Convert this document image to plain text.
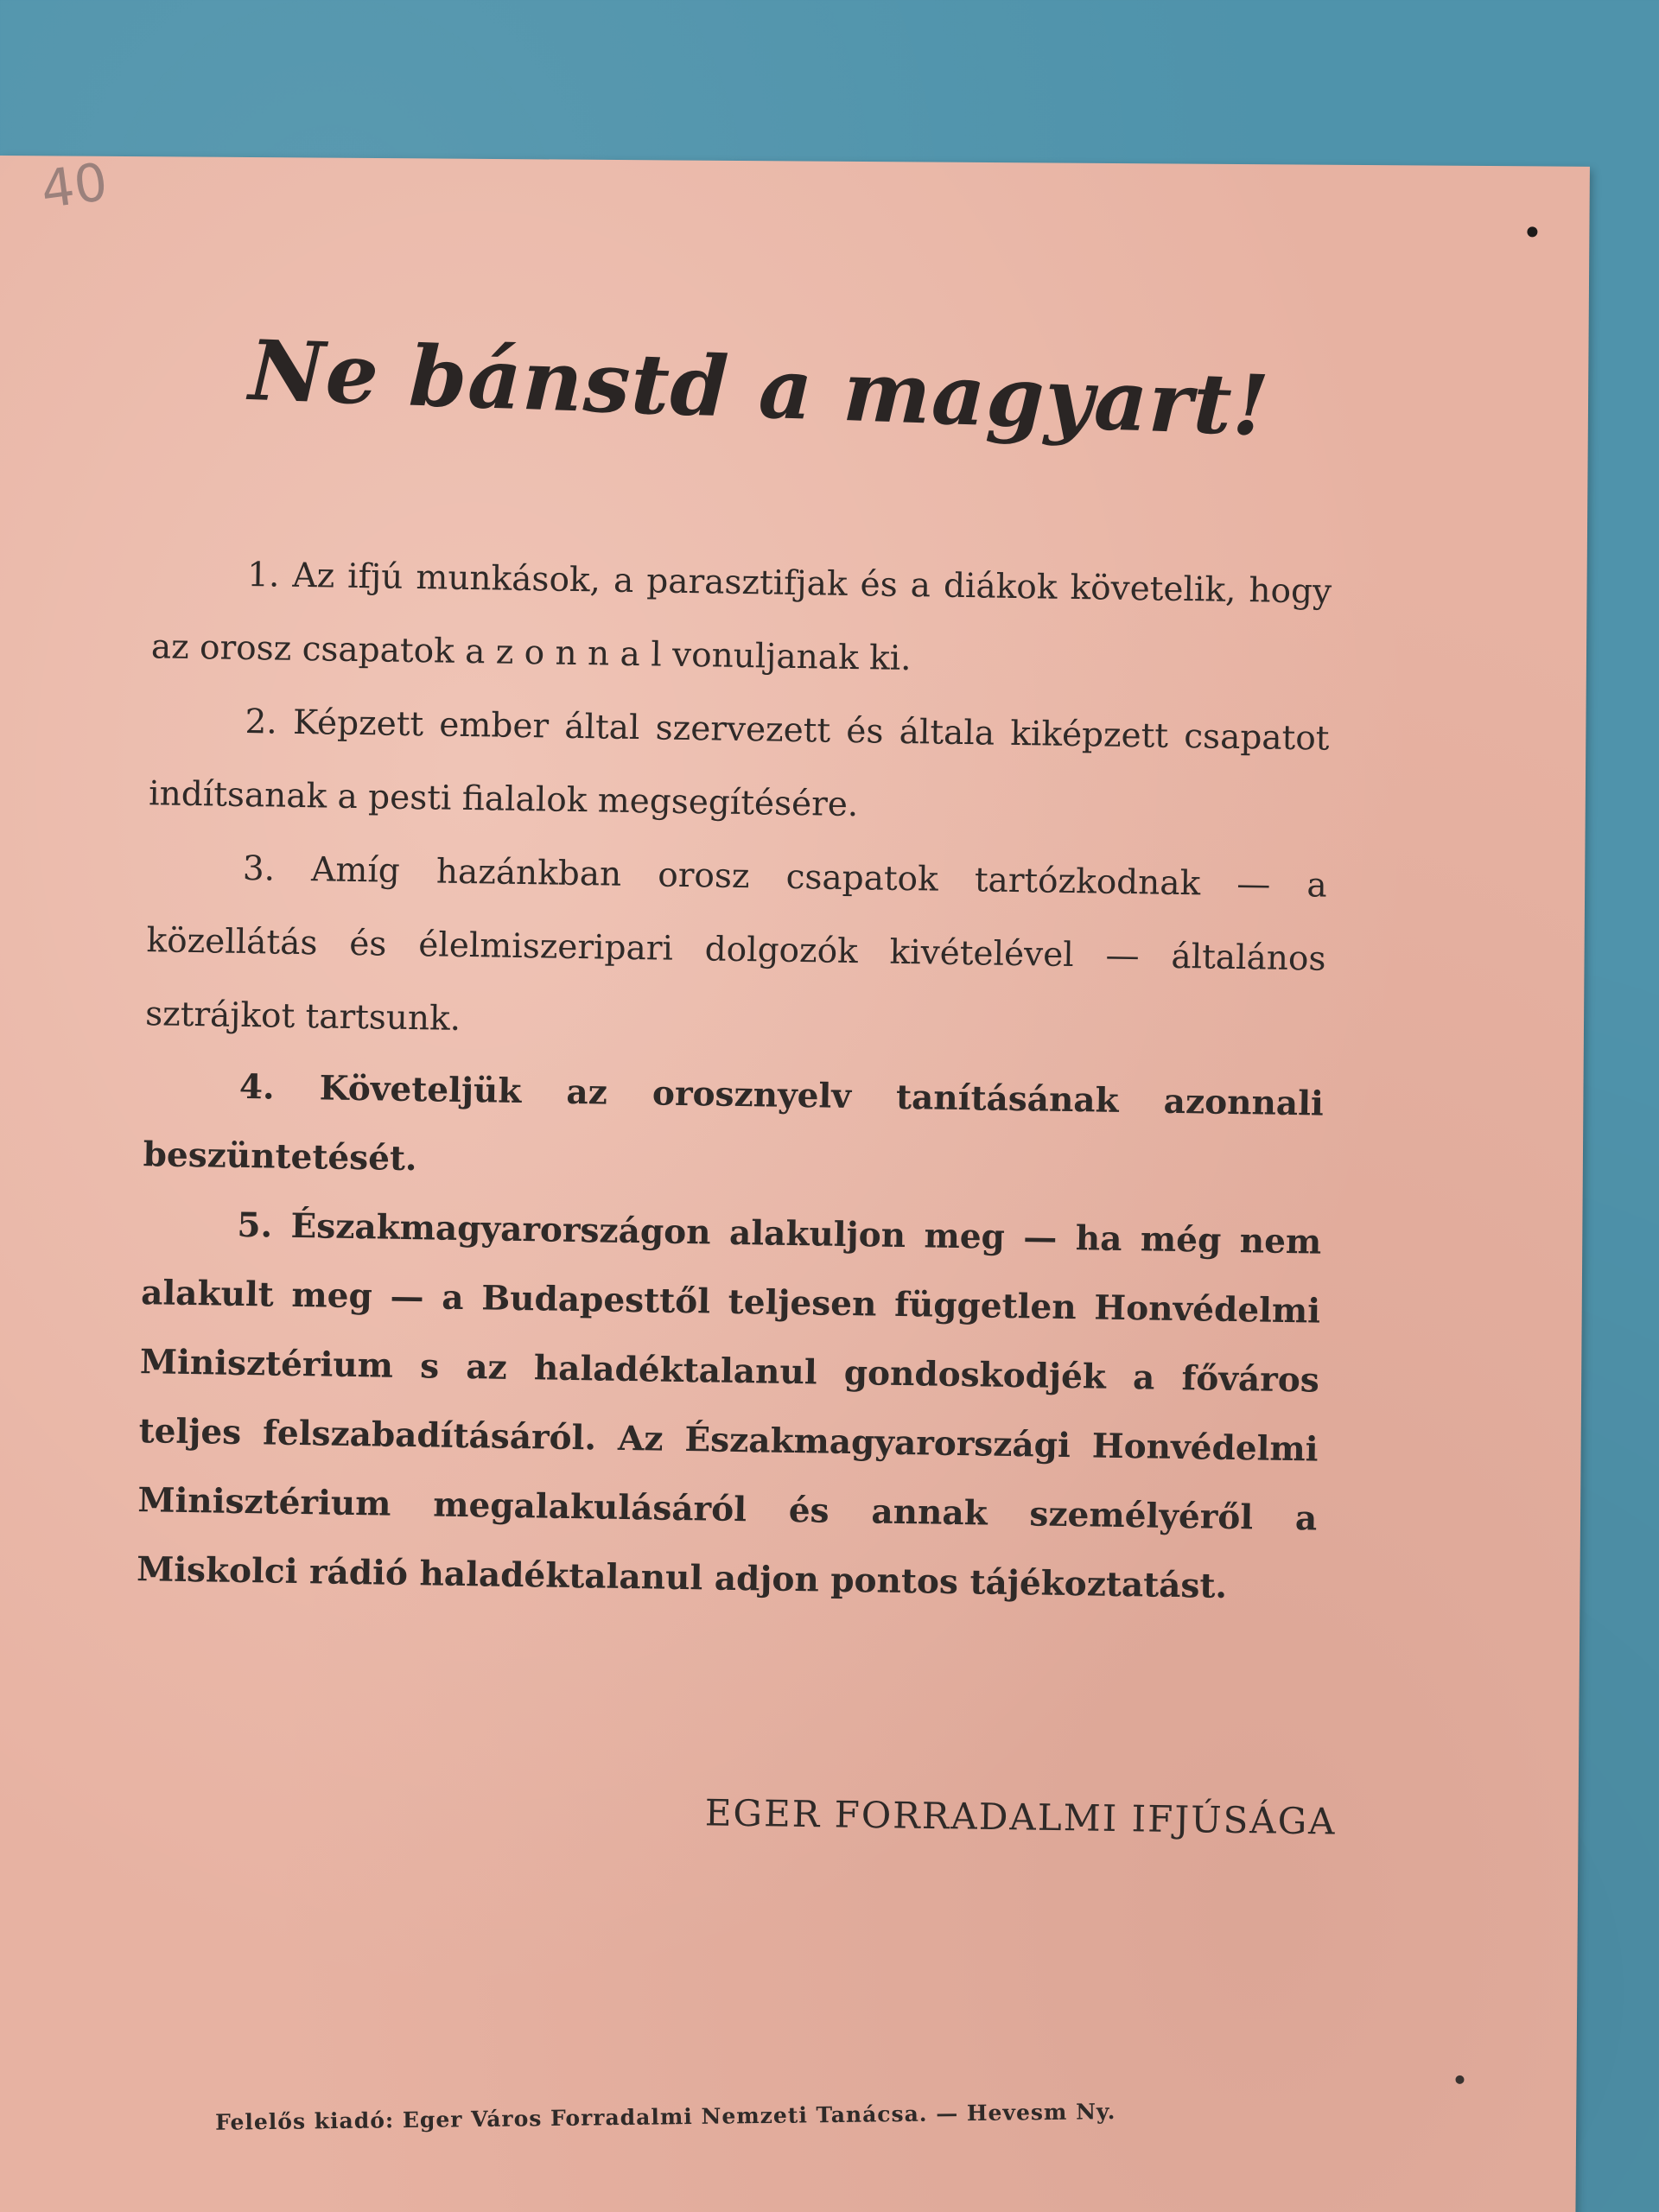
40
Ne bánstd a magyart!

1. Az ifjú munkások, a parasztifjak és a diákok követelik, hogy az orosz csapatok a z o n n a l vonuljanak ki.

2. Képzett ember által szervezett és általa kiképzett csapatot indítsanak a pesti fialalok megsegítésére.

3. Amíg hazánkban orosz csapatok tartózkodnak — a közellátás és élelmiszeripari dolgozók kivételével — általános sztrájkot tartsunk.

4. Követeljük az orosznyelv tanításának azonnali beszüntetését.

5. Északmagyarországon alakuljon meg — ha még nem alakult meg — a Budapesttől teljesen független Honvédelmi Minisztérium s az haladéktalanul gondoskodjék a főváros teljes felszabadításáról. Az Északmagyarországi Honvédelmi Minisztérium megalakulásáról és annak személyéről a Miskolci rádió haladéktalanul adjon pontos tájékoztatást.

EGER FORRADALMI IFJÚSÁGA
Felelős kiadó: Eger Város Forradalmi Nemzeti Tanácsa. — Hevesm Ny.
